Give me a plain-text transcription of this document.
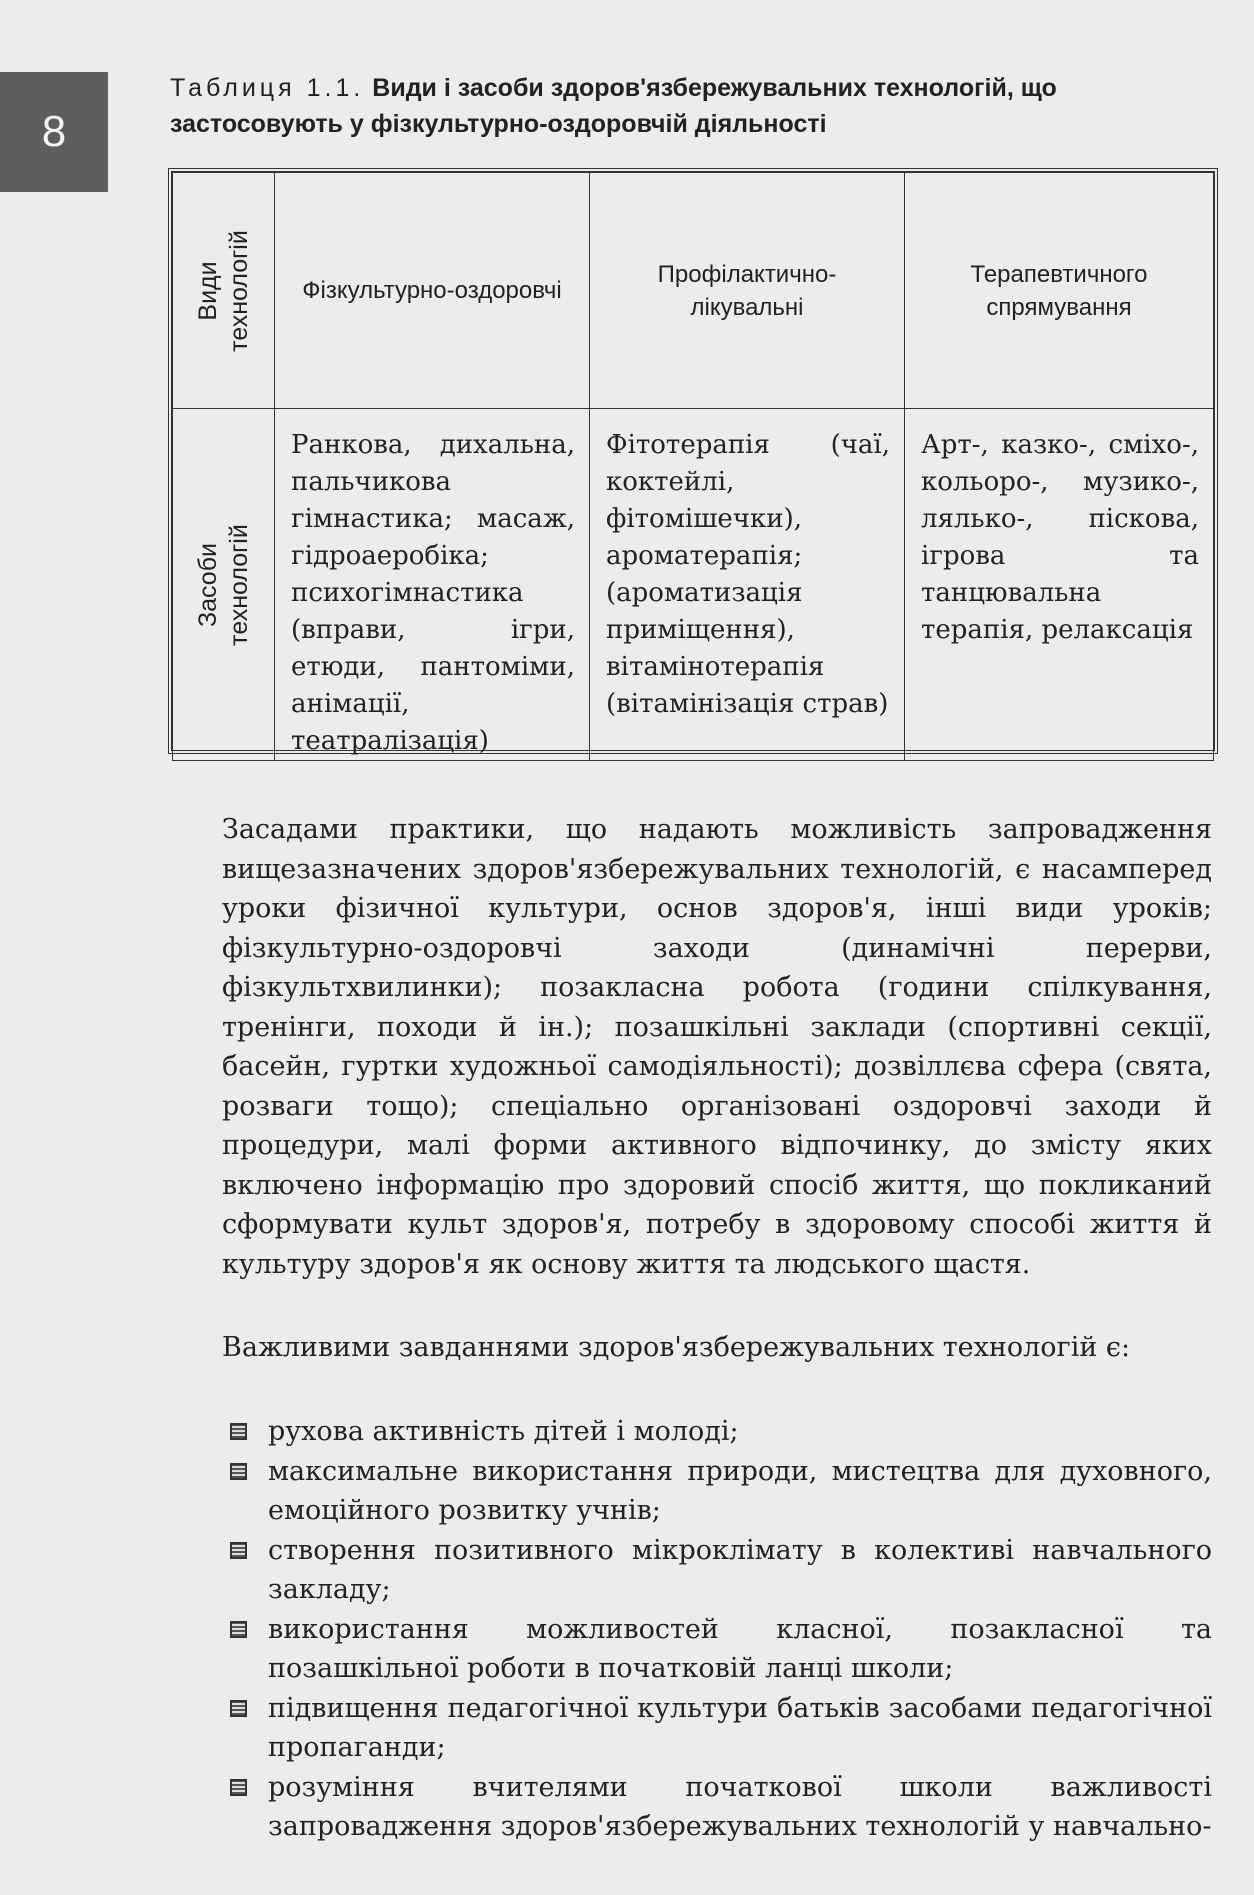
8
Таблиця 1.1. Види і засоби здоров'язбережувальних технологій, що застосовують у фізкультурно-оздоровчій діяльності
Види технологій	Фізкультурно-оздоровчі	Профілактично-лікувальні	Терапевтичного спрямування

Засоби технологій	Ранкова, дихальна, пальчикова гімнастика; масаж, гідроаеробіка; психогімнастика (вправи, ігри, етюди, пантоміми, анімації, театралізація)	Фітотерапія (чаї, коктейлі, фітомішечки), ароматерапія; (ароматизація приміщення), вітамінотерапія (вітамінізація страв)	Арт-, казко-, сміхо-, кольоро-, музико-, лялько-, піскова, ігрова та танцювальна терапія, релаксація

Засадами практики, що надають можливість запровадження вищезазначених здоров'язбережувальних технологій, є насамперед уроки фізичної культури, основ здоров'я, інші види уроків; фізкультурно-оздоровчі заходи (динамічні перерви, фізкультхвилинки); позакласна робота (години спілкування, тренінги, походи й ін.); позашкільні заклади (спортивні секції, басейн, гуртки художньої самодіяльності); дозвіллєва сфера (свята, розваги тощо); спеціально організовані оздоровчі заходи й процедури, малі форми активного відпочинку, до змісту яких включено інформацію про здоровий спосіб життя, що покликаний сформувати культ здоров'я, потребу в здоровому способі життя й культуру здоров'я як основу життя та людського щастя.

Важливими завданнями здоров'язбережувальних технологій є:

рухова активність дітей і молоді;
максимальне використання природи, мистецтва для духовного, емоційного розвитку учнів;
створення позитивного мікроклімату в колективі навчального закладу;
використання можливостей класної, позакласної та позашкільної роботи в початковій ланці школи;
підвищення педагогічної культури батьків засобами педагогічної пропаганди;
розуміння вчителями початкової школи важливості запровадження здоров'язбережувальних технологій у навчально-
